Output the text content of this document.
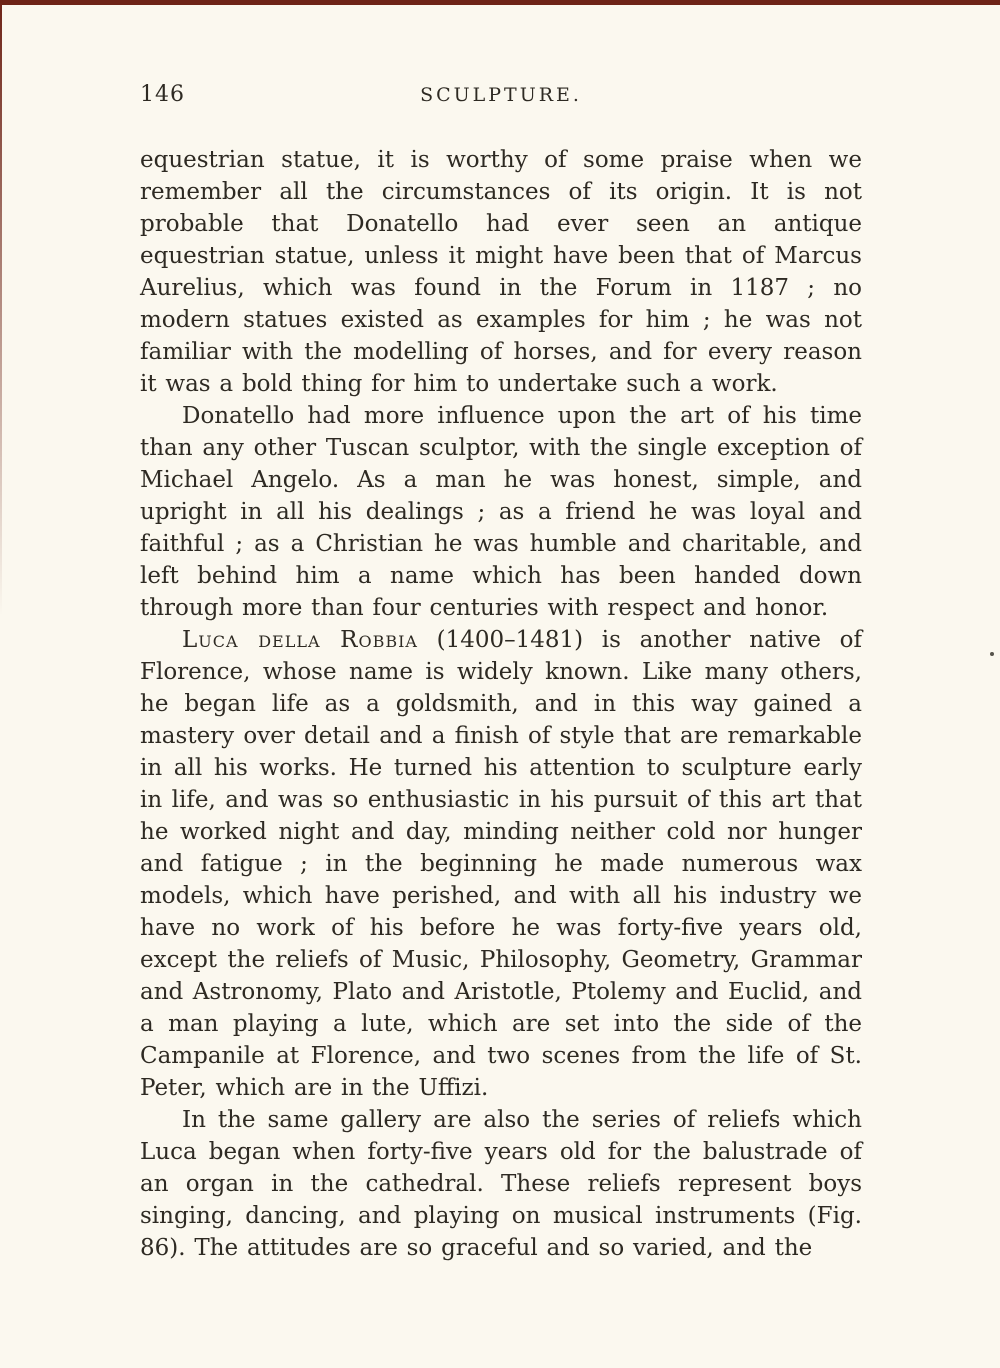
146	SCULPTURE.

equestrian statue, it is worthy of some praise when we remember all the circumstances of its origin. It is not probable that Donatello had ever seen an antique equestrian statue, unless it might have been that of Marcus Aurelius, which was found in the Forum in 1187 ; no modern statues existed as examples for him ; he was not familiar with the modelling of horses, and for every reason it was a bold thing for him to undertake such a work.

Donatello had more influence upon the art of his time than any other Tuscan sculptor, with the single exception of Michael Angelo. As a man he was honest, simple, and upright in all his dealings ; as a friend he was loyal and faithful ; as a Christian he was humble and charitable, and left behind him a name which has been handed down through more than four centuries with respect and honor.

Luca della Robbia (1400–1481) is another native of Florence, whose name is widely known. Like many others, he began life as a goldsmith, and in this way gained a mastery over detail and a finish of style that are remarkable in all his works. He turned his attention to sculpture early in life, and was so enthusiastic in his pursuit of this art that he worked night and day, minding neither cold nor hunger and fatigue ; in the beginning he made numerous wax models, which have perished, and with all his industry we have no work of his before he was forty-five years old, except the reliefs of Music, Philosophy, Geometry, Grammar and Astronomy, Plato and Aristotle, Ptolemy and Euclid, and a man playing a lute, which are set into the side of the Campanile at Florence, and two scenes from the life of St. Peter, which are in the Uffizi.

In the same gallery are also the series of reliefs which Luca began when forty-five years old for the balustrade of an organ in the cathedral. These reliefs represent boys singing, dancing, and playing on musical instruments (Fig. 86). The attitudes are so graceful and so varied, and the
